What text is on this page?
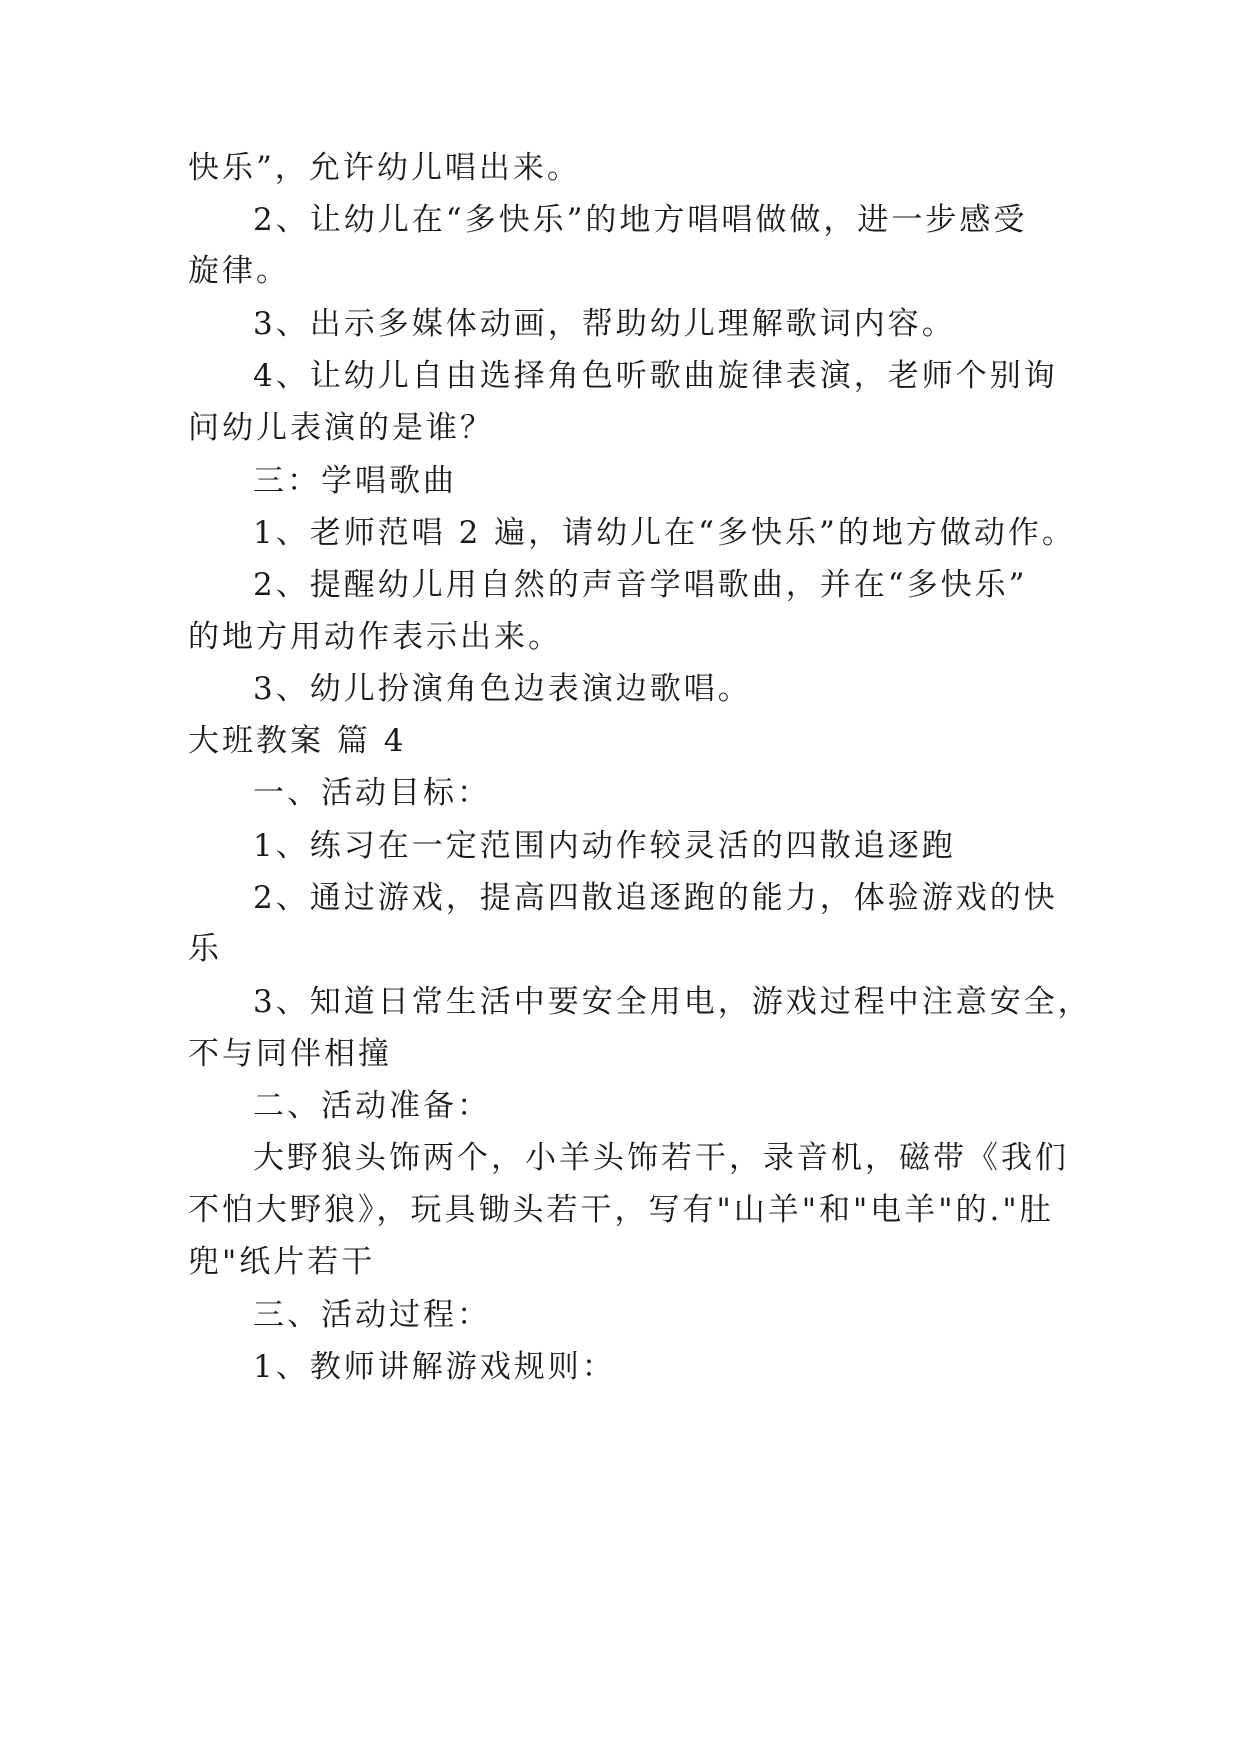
快乐”，允许幼儿唱出来。

2、让幼儿在“多快乐”的地方唱唱做做，进一步感受

旋律。

3、出示多媒体动画，帮助幼儿理解歌词内容。

4、让幼儿自由选择角色听歌曲旋律表演，老师个别询

问幼儿表演的是谁？

三：学唱歌曲

1、老师范唱 2 遍，请幼儿在“多快乐”的地方做动作。

2、提醒幼儿用自然的声音学唱歌曲，并在“多快乐”

的地方用动作表示出来。

3、幼儿扮演角色边表演边歌唱。

大班教案 篇 4

一、活动目标：

1、练习在一定范围内动作较灵活的四散追逐跑

2、通过游戏，提高四散追逐跑的能力，体验游戏的快

乐

3、知道日常生活中要安全用电，游戏过程中注意安全，

不与同伴相撞

二、活动准备：

大野狼头饰两个，小羊头饰若干，录音机，磁带《我们

不怕大野狼》，玩具锄头若干，写有"山羊"和"电羊"的."肚

兜"纸片若干

三、活动过程：

1、教师讲解游戏规则：
